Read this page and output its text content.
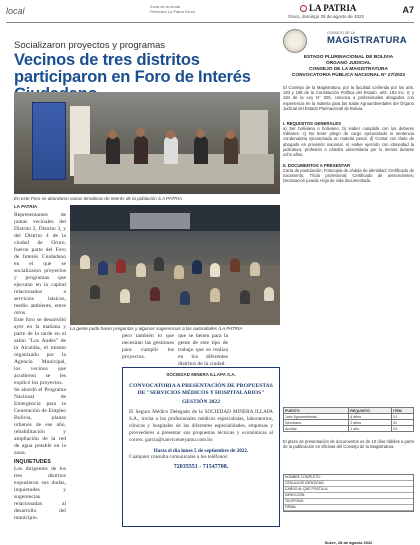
local	Zona de la moda
Periódico La Patria Oruro	LA PATRIA
Oruro, domingo 28 de agosto de 2022
A7
Socializaron proyectos y programas
Vecinos de tres distritos participaron en Foro de Interés
En este Foro se abordaron varias temáticas de interés de la población /LA PATRIA
LA PATRIA
La gente pudo hacer preguntas y algunas sugerencias a las autoridades /LA PATRIA

Representantes de juntas vecinales del Distrito 2, Distrito 3, y del Distrito 4 de la ciudad de Oruro, fueron parte del Foro de Interés Ciudadano en el que se socializaron proyectos y programas que ejecutan en la capital relacionados a servicios básicos, medio ambiente, entre otros.

Este foro se desarrolló ayer en la mañana y parte de la tarde en el salón "Los Andes" de la Alcaldía, el mismo organizado por la Agencia Municipal, los vecinos que acudieron se les explicó los proyectos.

Se abordó el Programa Nacional de Emergencia para la Generación de Empleo Bolivia, planes urbanos de ese año, rehabilitación y ampliación de la red de agua potable en la zona.

INQUIETUDES

Los dirigentes de los tres distritos expusieron sus dudas, inquietudes y sugerencias relacionadas al desarrollo del municipio.

pero también lo que necesitan las gestiones para cumplir los proyectos.

que se tienen para la gente de este tipo de trabajo que se realiza en los diferentes distritos de la ciudad.

SOCIEDAD MINERA ILLAPA S.A.
CONVOCATORIA A PRESENTACIÓN DE PROPUESTAS DE "SERVICIOS MÉDICOS Y HOSPITALARIOS"
GESTIÓN 2022
El Seguro Médico Delegado de la SOCIEDAD MINERA ILLAPA S.A., invita a los profesionales médicos especialistas, laboratorios, clínicas y hospitales de las diferentes especialidades, empresas y proveedores a presentar sus propuestas técnicas y económicas al correo: garcia@sanvicenteyamu.com.bo
Hasta el día lunes 5 de septiembre de 2022.
Cualquier consulta comunicarse a los teléfonos:
72035551 - 71547708.
CONSEJO DE LA
MAGISTRATURA
ESTADO PLURINACIONAL DE BOLIVIA
ÓRGANO JUDICIAL
CONSEJO DE LA MAGISTRATURA
CONVOCATORIA PÚBLICA NACIONAL N° 27/2022
El Consejo de la Magistratura, por la facultad conferida por los arts. 193 y 195 de la Constitución Política del Estado, arts. 183 inc. II; y 184 de la Ley N° 025, convoca a profesionales abogados con experiencia en la materia para las Salas Agroambientales del Órgano Judicial del Estado Plurinacional de Bolivia.
I. REQUISITOS GENERALES
a) Ser boliviana o boliviano. b) Haber cumplido con los deberes militares. c) No tener pliego de cargo ejecutoriado ni sentencia condenatoria ejecutoriada en materia penal. d) Contar con título de abogado en provisión nacional. e) Haber ejercido con idoneidad la judicatura, profesión o cátedra universitaria por lo menos durante ocho años.
II. DOCUMENTOS A PRESENTAR
Carta de postulación; Fotocopia de cédula de identidad; Certificado de nacimiento; Título profesional; Certificado de antecedentes; Declaración jurada; Hoja de vida documentada.
PUESTO	REQUISITO	ITEM
Juez Agroambiental	8 años	01
Secretario	2 años	02
Auxiliar	1 año	03
El plazo de presentación de documentos es de 10 días hábiles a partir de la publicación en oficinas del Consejo de la Magistratura.
NOMBRE COMPLETO:
CÉDULA DE IDENTIDAD:
CARGO AL QUE POSTULA:
DIRECCIÓN:
TELÉFONO:
FIRMA:
Sucre, 28 de agosto 2022
